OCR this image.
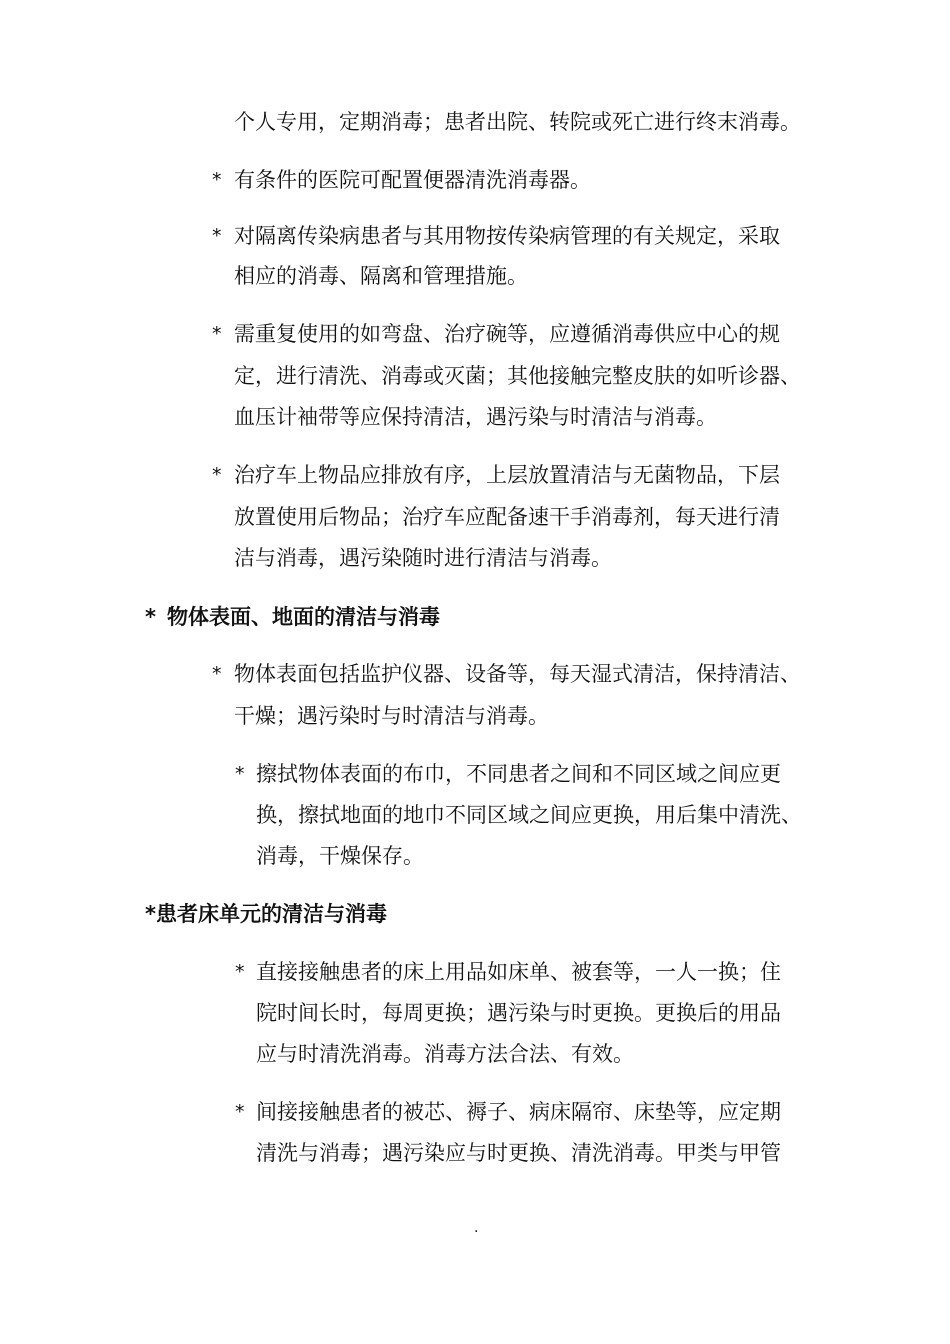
个人专用，定期消毒；患者出院、转院或死亡进行终末消毒。
* 有条件的医院可配置便器清洗消毒器。
* 对隔离传染病患者与其用物按传染病管理的有关规定，采取
相应的消毒、隔离和管理措施。
* 需重复使用的如弯盘、治疗碗等，应遵循消毒供应中心的规
定，进行清洗、消毒或灭菌；其他接触完整皮肤的如听诊器、
血压计袖带等应保持清洁，遇污染与时清洁与消毒。
* 治疗车上物品应排放有序，上层放置清洁与无菌物品，下层
放置使用后物品；治疗车应配备速干手消毒剂，每天进行清
洁与消毒，遇污染随时进行清洁与消毒。
* 物体表面、地面的清洁与消毒
* 物体表面包括监护仪器、设备等，每天湿式清洁，保持清洁、
干燥；遇污染时与时清洁与消毒。
* 擦拭物体表面的布巾，不同患者之间和不同区域之间应更
换，擦拭地面的地巾不同区域之间应更换，用后集中清洗、
消毒，干燥保存。
*患者床单元的清洁与消毒
* 直接接触患者的床上用品如床单、被套等，一人一换；住
院时间长时，每周更换；遇污染与时更换。更换后的用品
应与时清洗消毒。消毒方法合法、有效。
* 间接接触患者的被芯、褥子、病床隔帘、床垫等，应定期
清洗与消毒；遇污染应与时更换、清洗消毒。甲类与甲管
.
